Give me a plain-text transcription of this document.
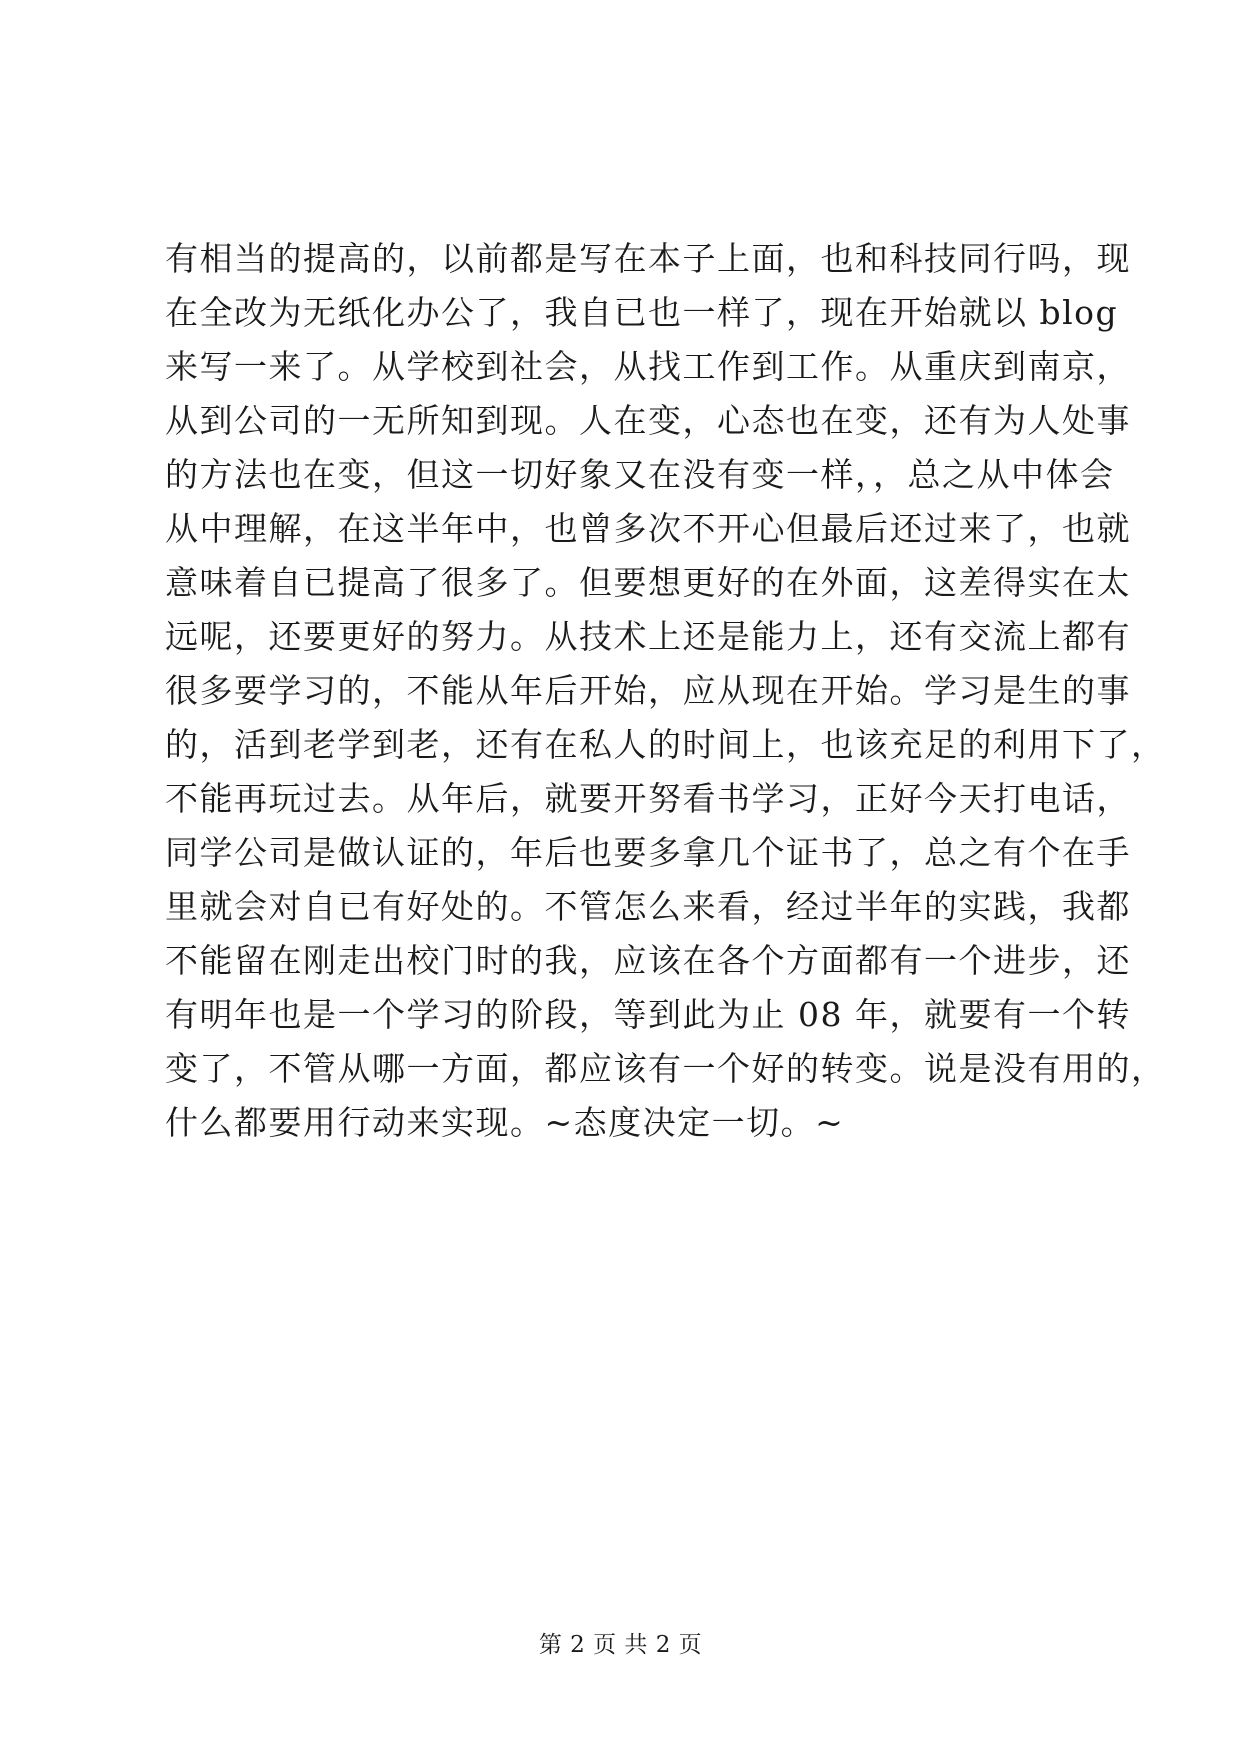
有相当的提高的，以前都是写在本子上面，也和科技同行吗，现
在全改为无纸化办公了，我自已也一样了，现在开始就以 blog
来写一来了。从学校到社会，从找工作到工作。从重庆到南京，
从到公司的一无所知到现。人在变，心态也在变，还有为人处事
的方法也在变，但这一切好象又在没有变一样，，总之从中体会
从中理解，在这半年中，也曾多次不开心但最后还过来了，也就
意味着自已提高了很多了。但要想更好的在外面，这差得实在太
远呢，还要更好的努力。从技术上还是能力上，还有交流上都有
很多要学习的，不能从年后开始，应从现在开始。学习是生的事
的，活到老学到老，还有在私人的时间上，也该充足的利用下了，
不能再玩过去。从年后，就要开努看书学习，正好今天打电话，
同学公司是做认证的，年后也要多拿几个证书了，总之有个在手
里就会对自已有好处的。不管怎么来看，经过半年的实践，我都
不能留在刚走出校门时的我，应该在各个方面都有一个进步，还
有明年也是一个学习的阶段，等到此为止 08 年，就要有一个转
变了，不管从哪一方面，都应该有一个好的转变。说是没有用的，
什么都要用行动来实现。~态度决定一切。~
第 2 页 共 2 页
